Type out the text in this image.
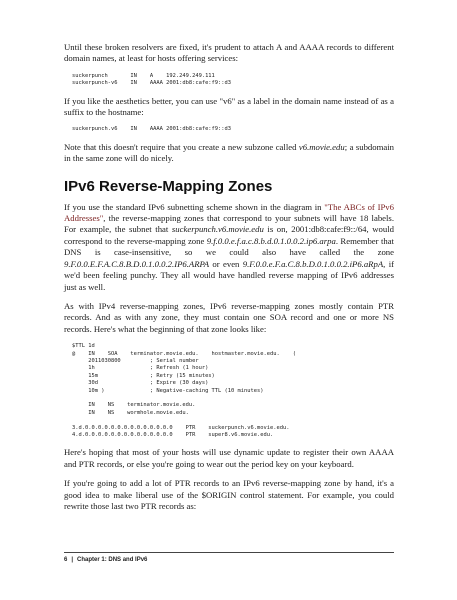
Until these broken resolvers are fixed, it's prudent to attach A and AAAA records to different domain names, at least for hosts offering services:

suckerpunch       IN    A    192.249.249.111
suckerpunch-v6    IN    AAAA 2001:db8:cafe:f9::d3

If you like the aesthetics better, you can use "v6" as a label in the domain name instead of as a suffix to the hostname:

suckerpunch.v6    IN    AAAA 2001:db8:cafe:f9::d3

Note that this doesn't require that you create a new subzone called v6.movie.edu; a subdomain in the same zone will do nicely.

IPv6 Reverse-Mapping Zones

If you use the standard IPv6 subnetting scheme shown in the diagram in "The ABCs of IPv6 Addresses", the reverse-mapping zones that correspond to your subnets will have 18 labels. For example, the subnet that suckerpunch.v6.movie.edu is on, 2001:db8:cafe:f9::/64, would correspond to the reverse-mapping zone 9.f.0.0.e.f.a.c.8.b.d.0.1.0.0.2.ip6.arpa. Remember that DNS is case-insensitive, so we could also have called the zone 9.F.0.0.E.F.A.C.8.B.D.0.1.0.0.2.IP6.ARPA or even 9.F.0.0.e.F.a.C.8.b.D.0.1.0.0.2.iP6.aRpA, if we'd been feeling punchy. They all would have handled reverse mapping of IPv6 addresses just as well.

As with IPv4 reverse-mapping zones, IPv6 reverse-mapping zones mostly contain PTR records. And as with any zone, they must contain one SOA record and one or more NS records. Here's what the beginning of that zone looks like:

$TTL 1d
@    IN    SOA    terminator.movie.edu.    hostmaster.movie.edu.    (
2011030800         ; Serial number
1h                 ; Refresh (1 hour)
15m                ; Retry (15 minutes)
30d                ; Expire (30 days)
10m )              ; Negative-caching TTL (10 minutes)

IN    NS    terminator.movie.edu.
IN    NS    wormhole.movie.edu.

3.d.0.0.0.0.0.0.0.0.0.0.0.0.0.0    PTR    suckerpunch.v6.movie.edu.
4.d.0.0.0.0.0.0.0.0.0.0.0.0.0.0    PTR    super8.v6.movie.edu.

Here's hoping that most of your hosts will use dynamic update to register their own AAAA and PTR records, or else you're going to wear out the period key on your keyboard.

If you're going to add a lot of PTR records to an IPv6 reverse-mapping zone by hand, it's a good idea to make liberal use of the $ORIGIN control statement. For example, you could rewrite those last two PTR records as:

6 | Chapter 1: DNS and IPv6
